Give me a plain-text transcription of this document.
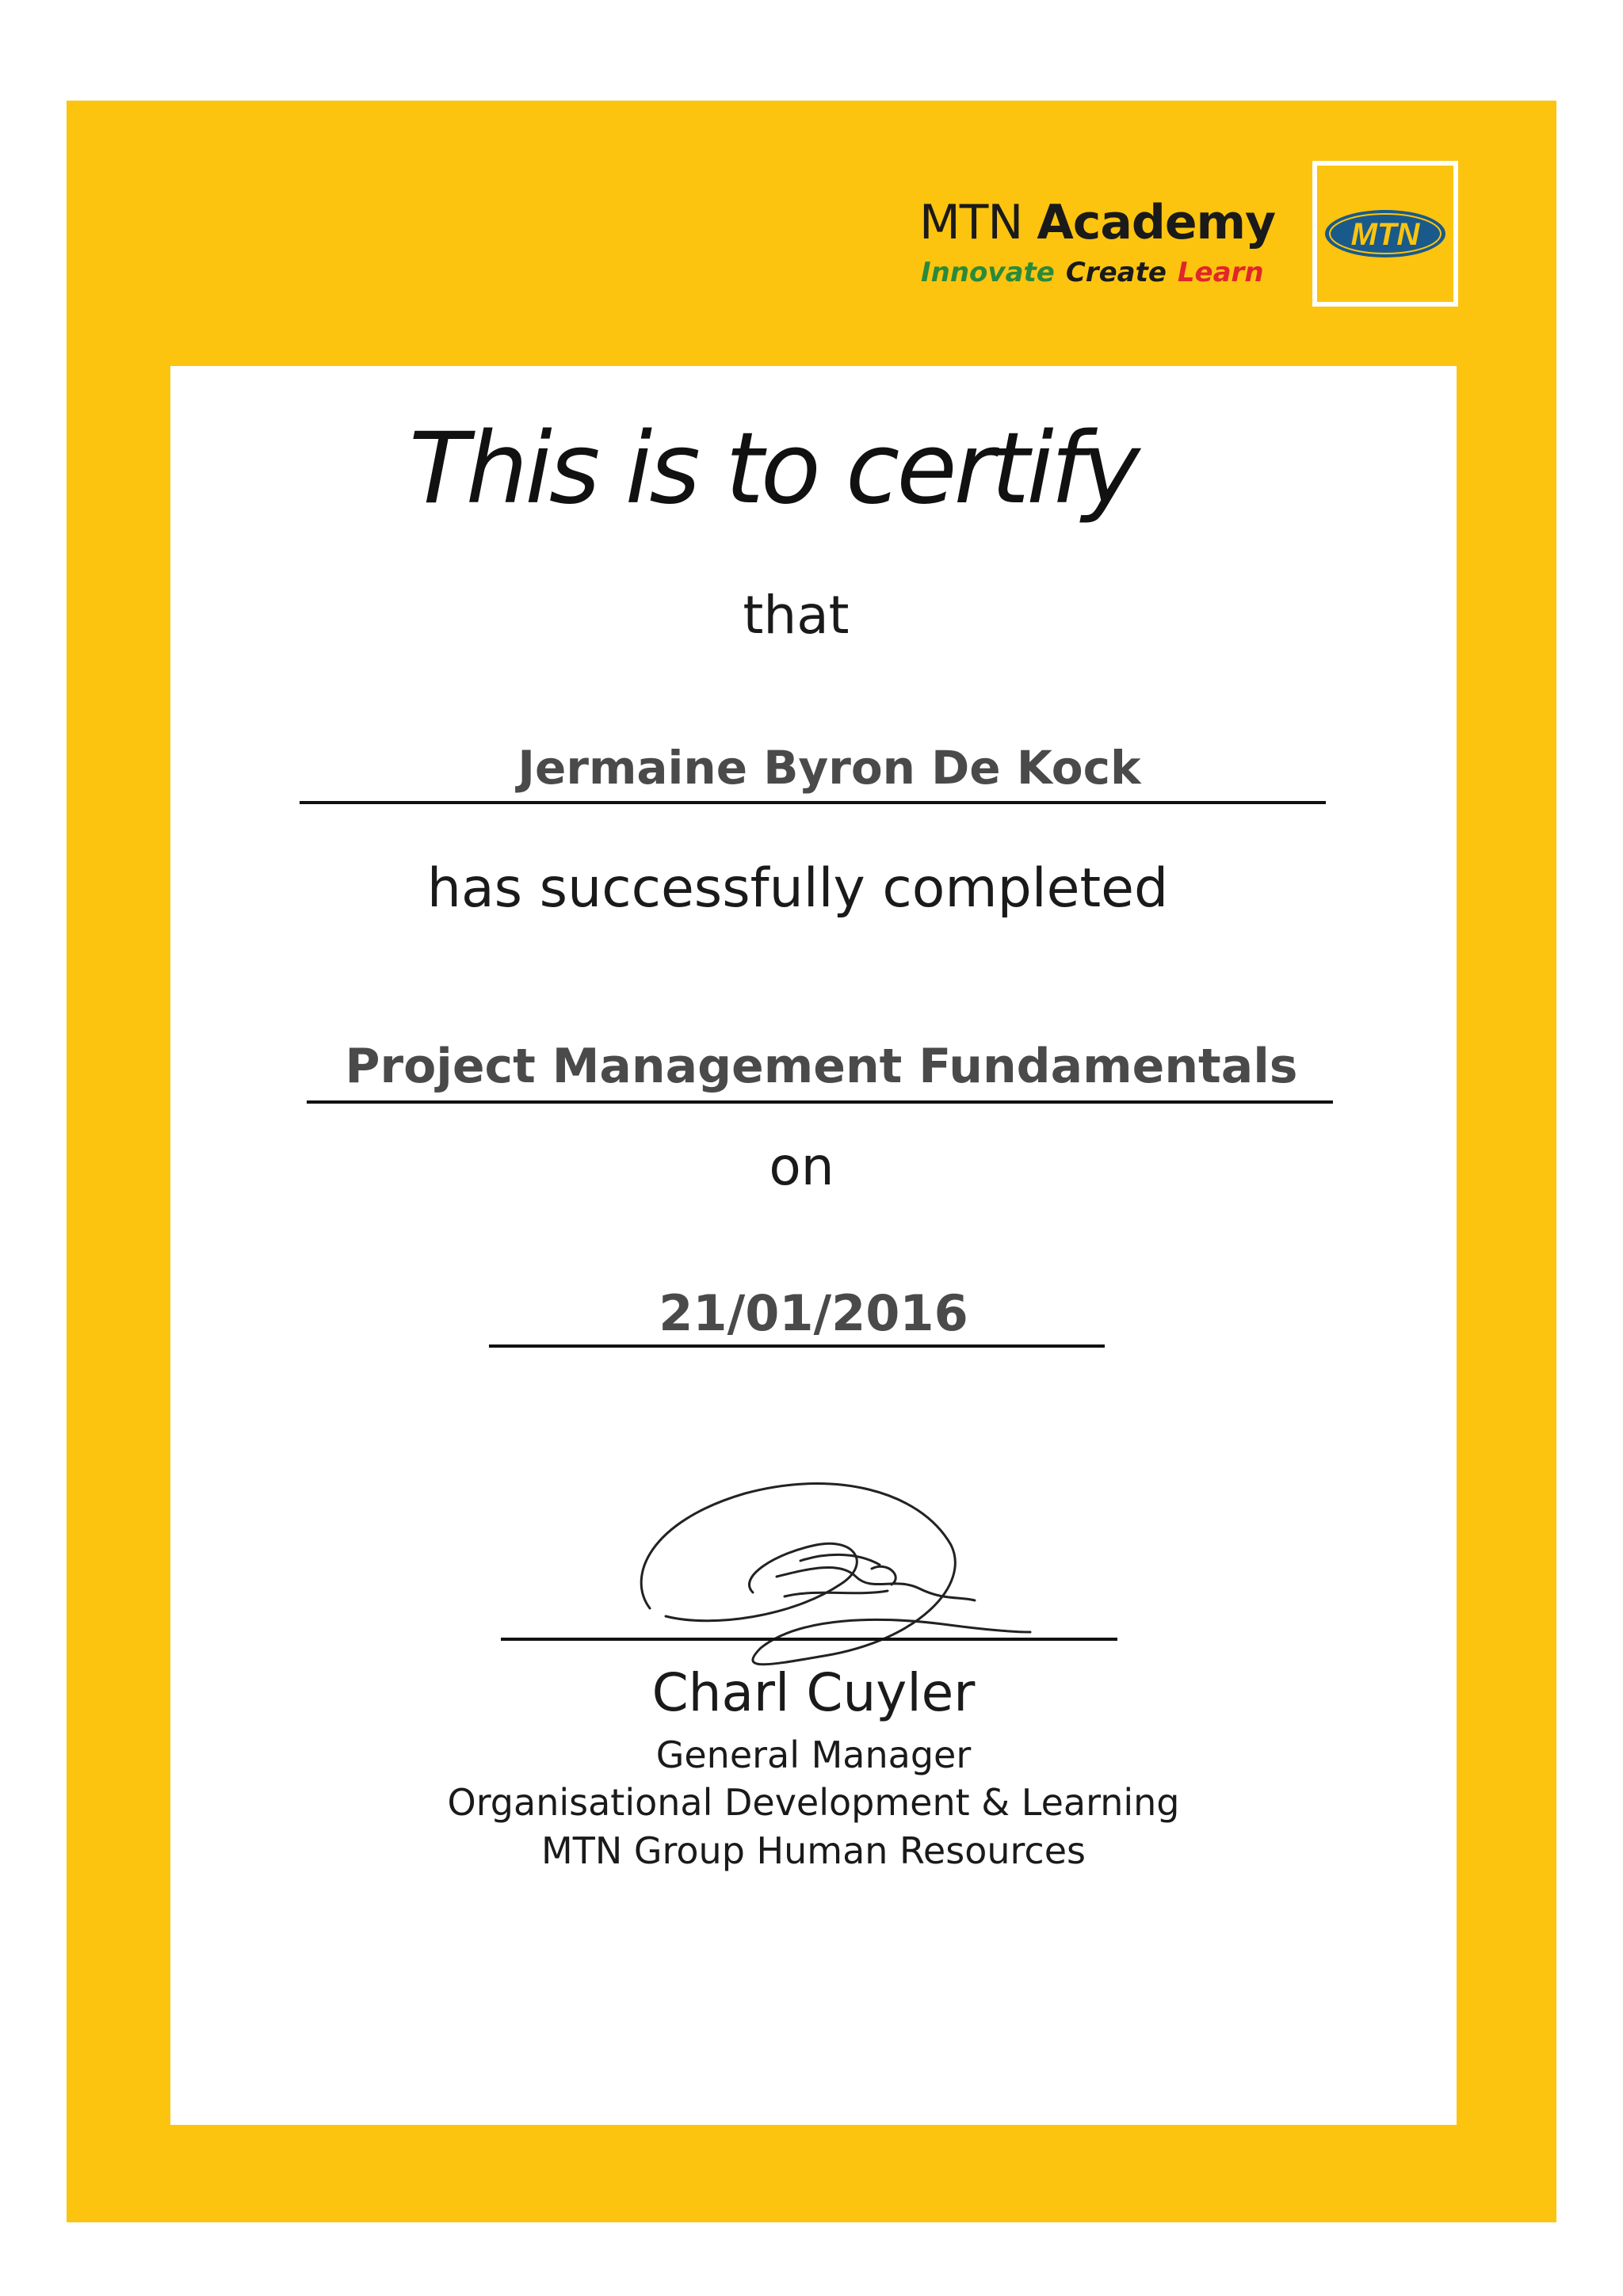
MTN Academy
Innovate Create Learn
MTN
This is to certify
that
Jermaine Byron De Kock
has successfully completed
Project Management Fundamentals
on
21/01/2016
Charl Cuyler
General Manager
Organisational Development & Learning
MTN Group Human Resources
